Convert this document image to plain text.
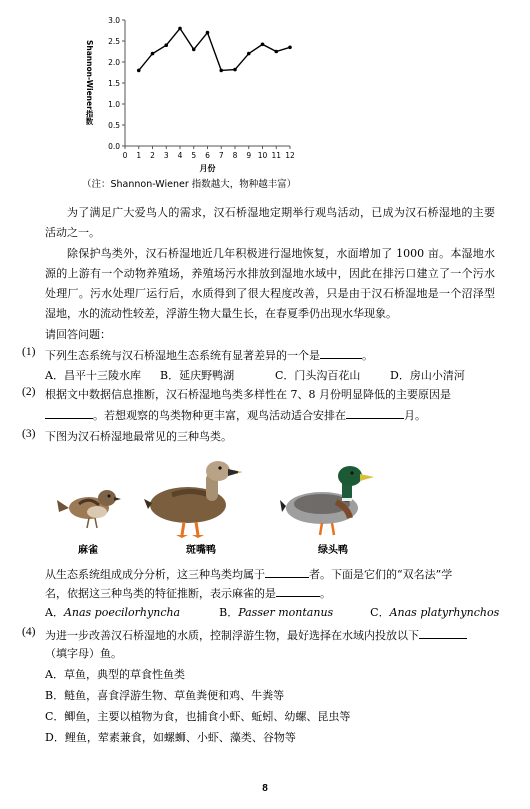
0.0
0.5
1.0
1.5
2.0
2.5
3.0
0 1 2 3 4 5 6 7 8 9 10 11 12
月份
Shannon-Wiener指数
（注：Shannon-Wiener 指数越大，物种越丰富）
为了满足广大爱鸟人的需求，汉石桥湿地定期举行观鸟活动，已成为汉石桥湿地的主要活动之一。
除保护鸟类外，汉石桥湿地近几年积极进行湿地恢复，水面增加了 1000 亩。本湿地水源的上游有一个动物养殖场，养殖场污水排放到湿地水域中，因此在排污口建立了一个污水处理厂。污水处理厂运行后，水质得到了很大程度改善，只是由于汉石桥湿地是一个沼泽型湿地，水的流动性较差，浮游生物大量生长，在春夏季仍出现水华现象。
请回答问题：
(1) 下列生态系统与汉石桥湿地生态系统有显著差异的一个是	。
A．昌平十三陵水库	B．延庆野鸭湖	C．门头沟百花山	D．房山小清河
(2) 根据文中数据信息推断，汉石桥湿地鸟类多样性在 7、8 月份明显降低的主要原因是
。若想观察的鸟类物种更丰富，观鸟活动适合安排在	月。
(3) 下图为汉石桥湿地最常见的三种鸟类。
麻雀	斑嘴鸭	绿头鸭
从生态系统组成成分分析，这三种鸟类均属于	者。下面是它们的“双名法”学
名，依据这三种鸟类的特征推断，表示麻雀的是	。
A．Anas poecilorhyncha	B．Passer montanus	C．Anas platyrhynchos
(4) 为进一步改善汉石桥湿地的水质，控制浮游生物，最好选择在水域内投放以下
（填字母）鱼。
A．草鱼，典型的草食性鱼类
B．鲢鱼，喜食浮游生物、草鱼粪便和鸡、牛粪等
C．鲫鱼，主要以植物为食，也捕食小虾、蚯蚓、幼螺、昆虫等
D．鲤鱼，荤素兼食，如螺蛳、小虾、藻类、谷物等
8
